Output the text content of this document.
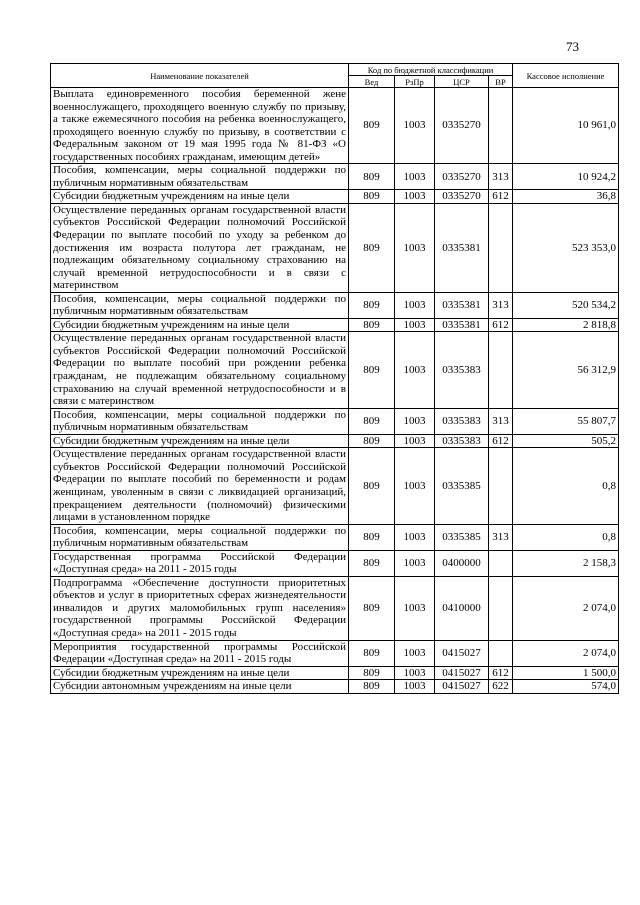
73
Наименование показателей	Код по бюджетной классификации				Кассовое исполнение
	Вед	РзПр	ЦСР	ВР	
Выплата единовременного пособия беременной жене военнослужащего, проходящего военную службу по призыву, а также ежемесячного пособия на ребенка военнослужащего, проходящего военную службу по призыву, в соответствии с Федеральным законом от 19 мая 1995 года № 81-ФЗ «О государственных пособиях гражданам, имеющим детей»	809	1003	0335270		10 961,0
Пособия, компенсации, меры социальной поддержки по публичным нормативным обязательствам	809	1003	0335270	313	10 924,2
Субсидии бюджетным учреждениям на иные цели	809	1003	0335270	612	36,8
Осуществление переданных органам государственной власти субъектов Российской Федерации полномочий Российской Федерации по выплате пособий по уходу за ребенком до достижения им возраста полутора лет гражданам, не подлежащим обязательному социальному страхованию на случай временной нетрудоспособности и в связи с материнством	809	1003	0335381		523 353,0
Пособия, компенсации, меры социальной поддержки по публичным нормативным обязательствам	809	1003	0335381	313	520 534,2
Субсидии бюджетным учреждениям на иные цели	809	1003	0335381	612	2 818,8
Осуществление переданных органам государственной власти субъектов Российской Федерации полномочий Российской Федерации по выплате пособий при рождении ребенка гражданам, не подлежащим обязательному социальному страхованию на случай временной нетрудоспособности и в связи с материнством	809	1003	0335383		56 312,9
Пособия, компенсации, меры социальной поддержки по публичным нормативным обязательствам	809	1003	0335383	313	55 807,7
Субсидии бюджетным учреждениям на иные цели	809	1003	0335383	612	505,2
Осуществление переданных органам государственной власти субъектов Российской Федерации полномочий Российской Федерации по выплате пособий по беременности и родам женщинам, уволенным в связи с ликвидацией организаций, прекращением деятельности (полномочий) физическими лицами в установленном порядке	809	1003	0335385		0,8
Пособия, компенсации, меры социальной поддержки по публичным нормативным обязательствам	809	1003	0335385	313	0,8
Государственная программа Российской Федерации «Доступная среда» на 2011 - 2015 годы	809	1003	0400000		2 158,3
Подпрограмма «Обеспечение доступности приоритетных объектов и услуг в приоритетных сферах жизнедеятельности инвалидов и других маломобильных групп населения» государственной программы Российской Федерации «Доступная среда» на 2011 - 2015 годы	809	1003	0410000		2 074,0
Мероприятия государственной программы Российской Федерации «Доступная среда» на 2011 - 2015 годы	809	1003	0415027		2 074,0
Субсидии бюджетным учреждениям на иные цели	809	1003	0415027	612	1 500,0
Субсидии автономным учреждениям на иные цели	809	1003	0415027	622	574,0
